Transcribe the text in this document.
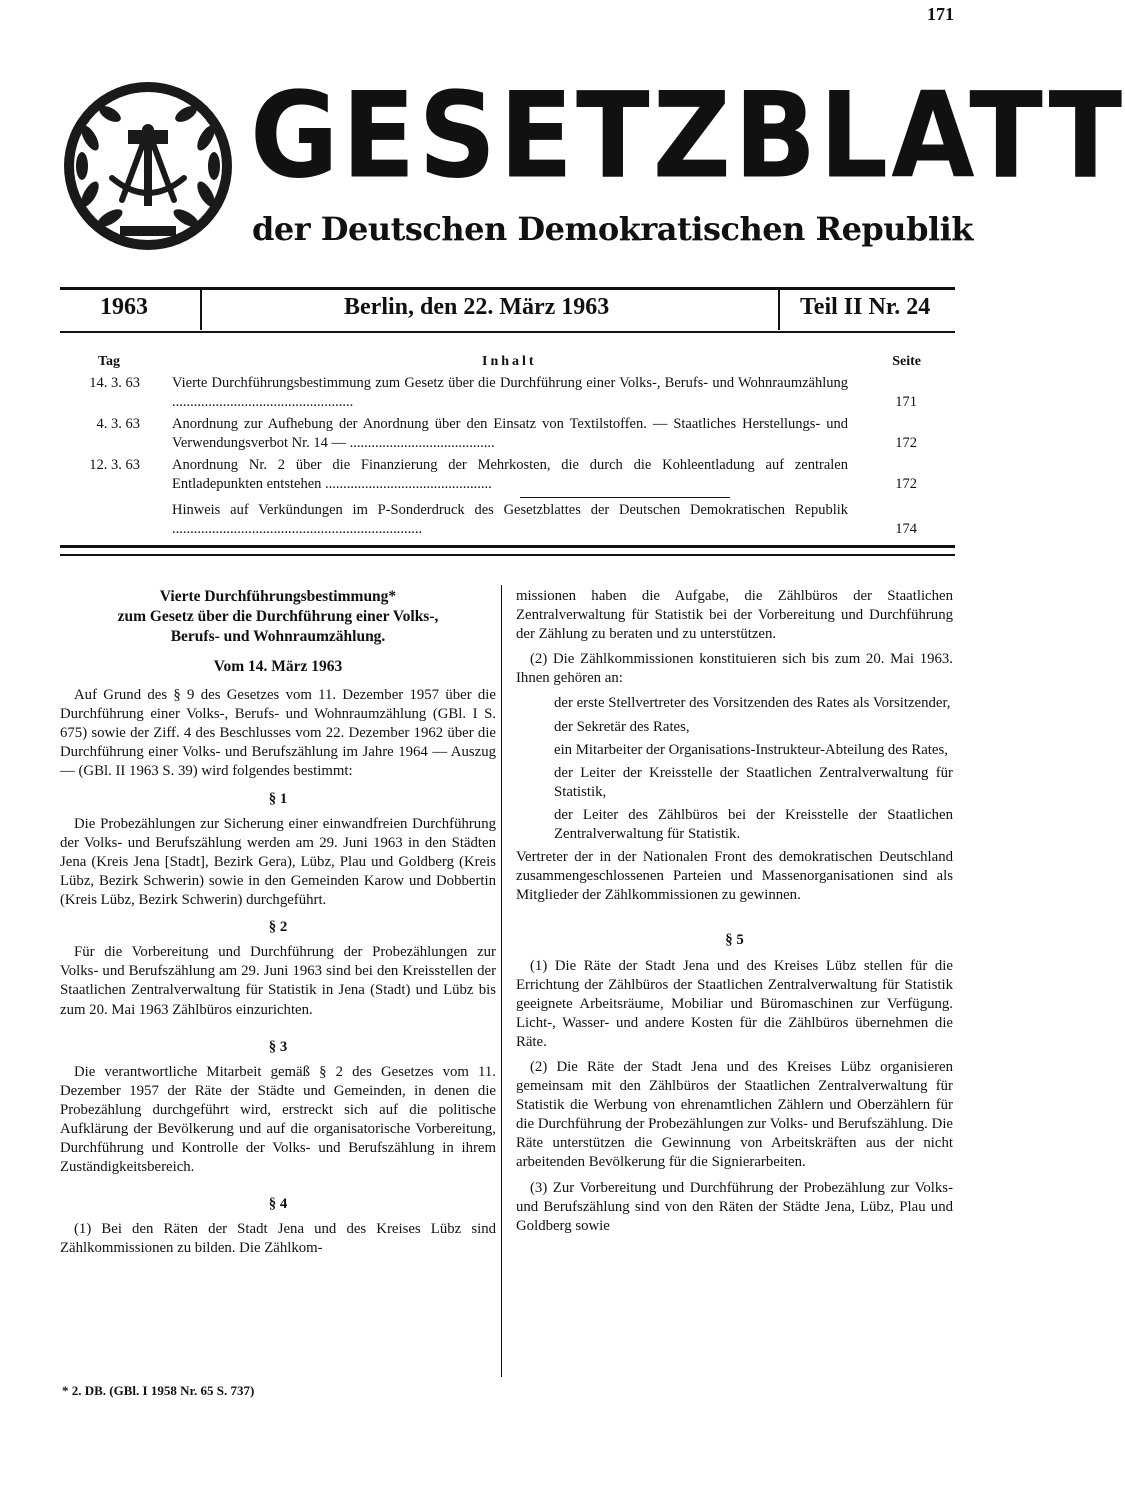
171
GESETZBLATT
der Deutschen Demokratischen Republik
1963	Berlin, den 22. März 1963	Teil II Nr. 24
Tag	Inhalt	Seite
14. 3. 63 Vierte Durchführungsbestimmung zum Gesetz über die Durchführung einer Volks-, Berufs- und Wohnraumzählung ..................................................	171
4. 3. 63 Anordnung zur Aufhebung der Anordnung über den Einsatz von Textilstoffen. — Staatliches Herstellungs- und Verwendungsverbot Nr. 14 — ........................................	172
12. 3. 63 Anordnung Nr. 2 über die Finanzierung der Mehrkosten, die durch die Kohleentladung auf zentralen Entladepunkten entstehen ..............................................	172
Hinweis auf Verkündungen im P-Sonderdruck des Gesetzblattes der Deutschen Demokratischen Republik .....................................................................	174
Vierte Durchführungsbestimmung*
zum Gesetz über die Durchführung einer Volks-,
Berufs- und Wohnraumzählung.
Vom 14. März 1963

Auf Grund des § 9 des Gesetzes vom 11. Dezember 1957 über die Durchführung einer Volks-, Berufs- und Wohnraumzählung (GBl. I S. 675) sowie der Ziff. 4 des Beschlusses vom 22. Dezember 1962 über die Durchführung einer Volks- und Berufszählung im Jahre 1964 — Auszug — (GBl. II 1963 S. 39) wird folgendes bestimmt:

§ 1

Die Probezählungen zur Sicherung einer einwandfreien Durchführung der Volks- und Berufszählung werden am 29. Juni 1963 in den Städten Jena (Kreis Jena [Stadt], Bezirk Gera), Lübz, Plau und Goldberg (Kreis Lübz, Bezirk Schwerin) sowie in den Gemeinden Karow und Dobbertin (Kreis Lübz, Bezirk Schwerin) durchgeführt.

§ 2

Für die Vorbereitung und Durchführung der Probezählungen zur Volks- und Berufszählung am 29. Juni 1963 sind bei den Kreisstellen der Staatlichen Zentralverwaltung für Statistik in Jena (Stadt) und Lübz bis zum 20. Mai 1963 Zählbüros einzurichten.

§ 3

Die verantwortliche Mitarbeit gemäß § 2 des Gesetzes vom 11. Dezember 1957 der Räte der Städte und Gemeinden, in denen die Probezählung durchgeführt wird, erstreckt sich auf die politische Aufklärung der Bevölkerung und auf die organisatorische Vorbereitung, Durchführung und Kontrolle der Volks- und Berufszählung in ihrem Zuständigkeitsbereich.

§ 4

(1) Bei den Räten der Stadt Jena und des Kreises Lübz sind Zählkommissionen zu bilden. Die Zählkom-

missionen haben die Aufgabe, die Zählbüros der Staatlichen Zentralverwaltung für Statistik bei der Vorbereitung und Durchführung der Zählung zu beraten und zu unterstützen.

(2) Die Zählkommissionen konstituieren sich bis zum 20. Mai 1963. Ihnen gehören an:

der erste Stellvertreter des Vorsitzenden des Rates als Vorsitzender,
der Sekretär des Rates,
ein Mitarbeiter der Organisations-Instrukteur-Abteilung des Rates,
der Leiter der Kreisstelle der Staatlichen Zentralverwaltung für Statistik,
der Leiter des Zählbüros bei der Kreisstelle der Staatlichen Zentralverwaltung für Statistik.

Vertreter der in der Nationalen Front des demokratischen Deutschland zusammengeschlossenen Parteien und Massenorganisationen sind als Mitglieder der Zählkommissionen zu gewinnen.

§ 5

(1) Die Räte der Stadt Jena und des Kreises Lübz stellen für die Errichtung der Zählbüros der Staatlichen Zentralverwaltung für Statistik geeignete Arbeitsräume, Mobiliar und Büromaschinen zur Verfügung. Licht-, Wasser- und andere Kosten für die Zählbüros übernehmen die Räte.

(2) Die Räte der Stadt Jena und des Kreises Lübz organisieren gemeinsam mit den Zählbüros der Staatlichen Zentralverwaltung für Statistik die Werbung von ehrenamtlichen Zählern und Oberzählern für die Durchführung der Probezählungen zur Volks- und Berufszählung. Die Räte unterstützen die Gewinnung von Arbeitskräften aus der nicht arbeitenden Bevölkerung für die Signierarbeiten.

(3) Zur Vorbereitung und Durchführung der Probezählung zur Volks- und Berufszählung sind von den Räten der Städte Jena, Lübz, Plau und Goldberg sowie

* 2. DB. (GBl. I 1958 Nr. 65 S. 737)
